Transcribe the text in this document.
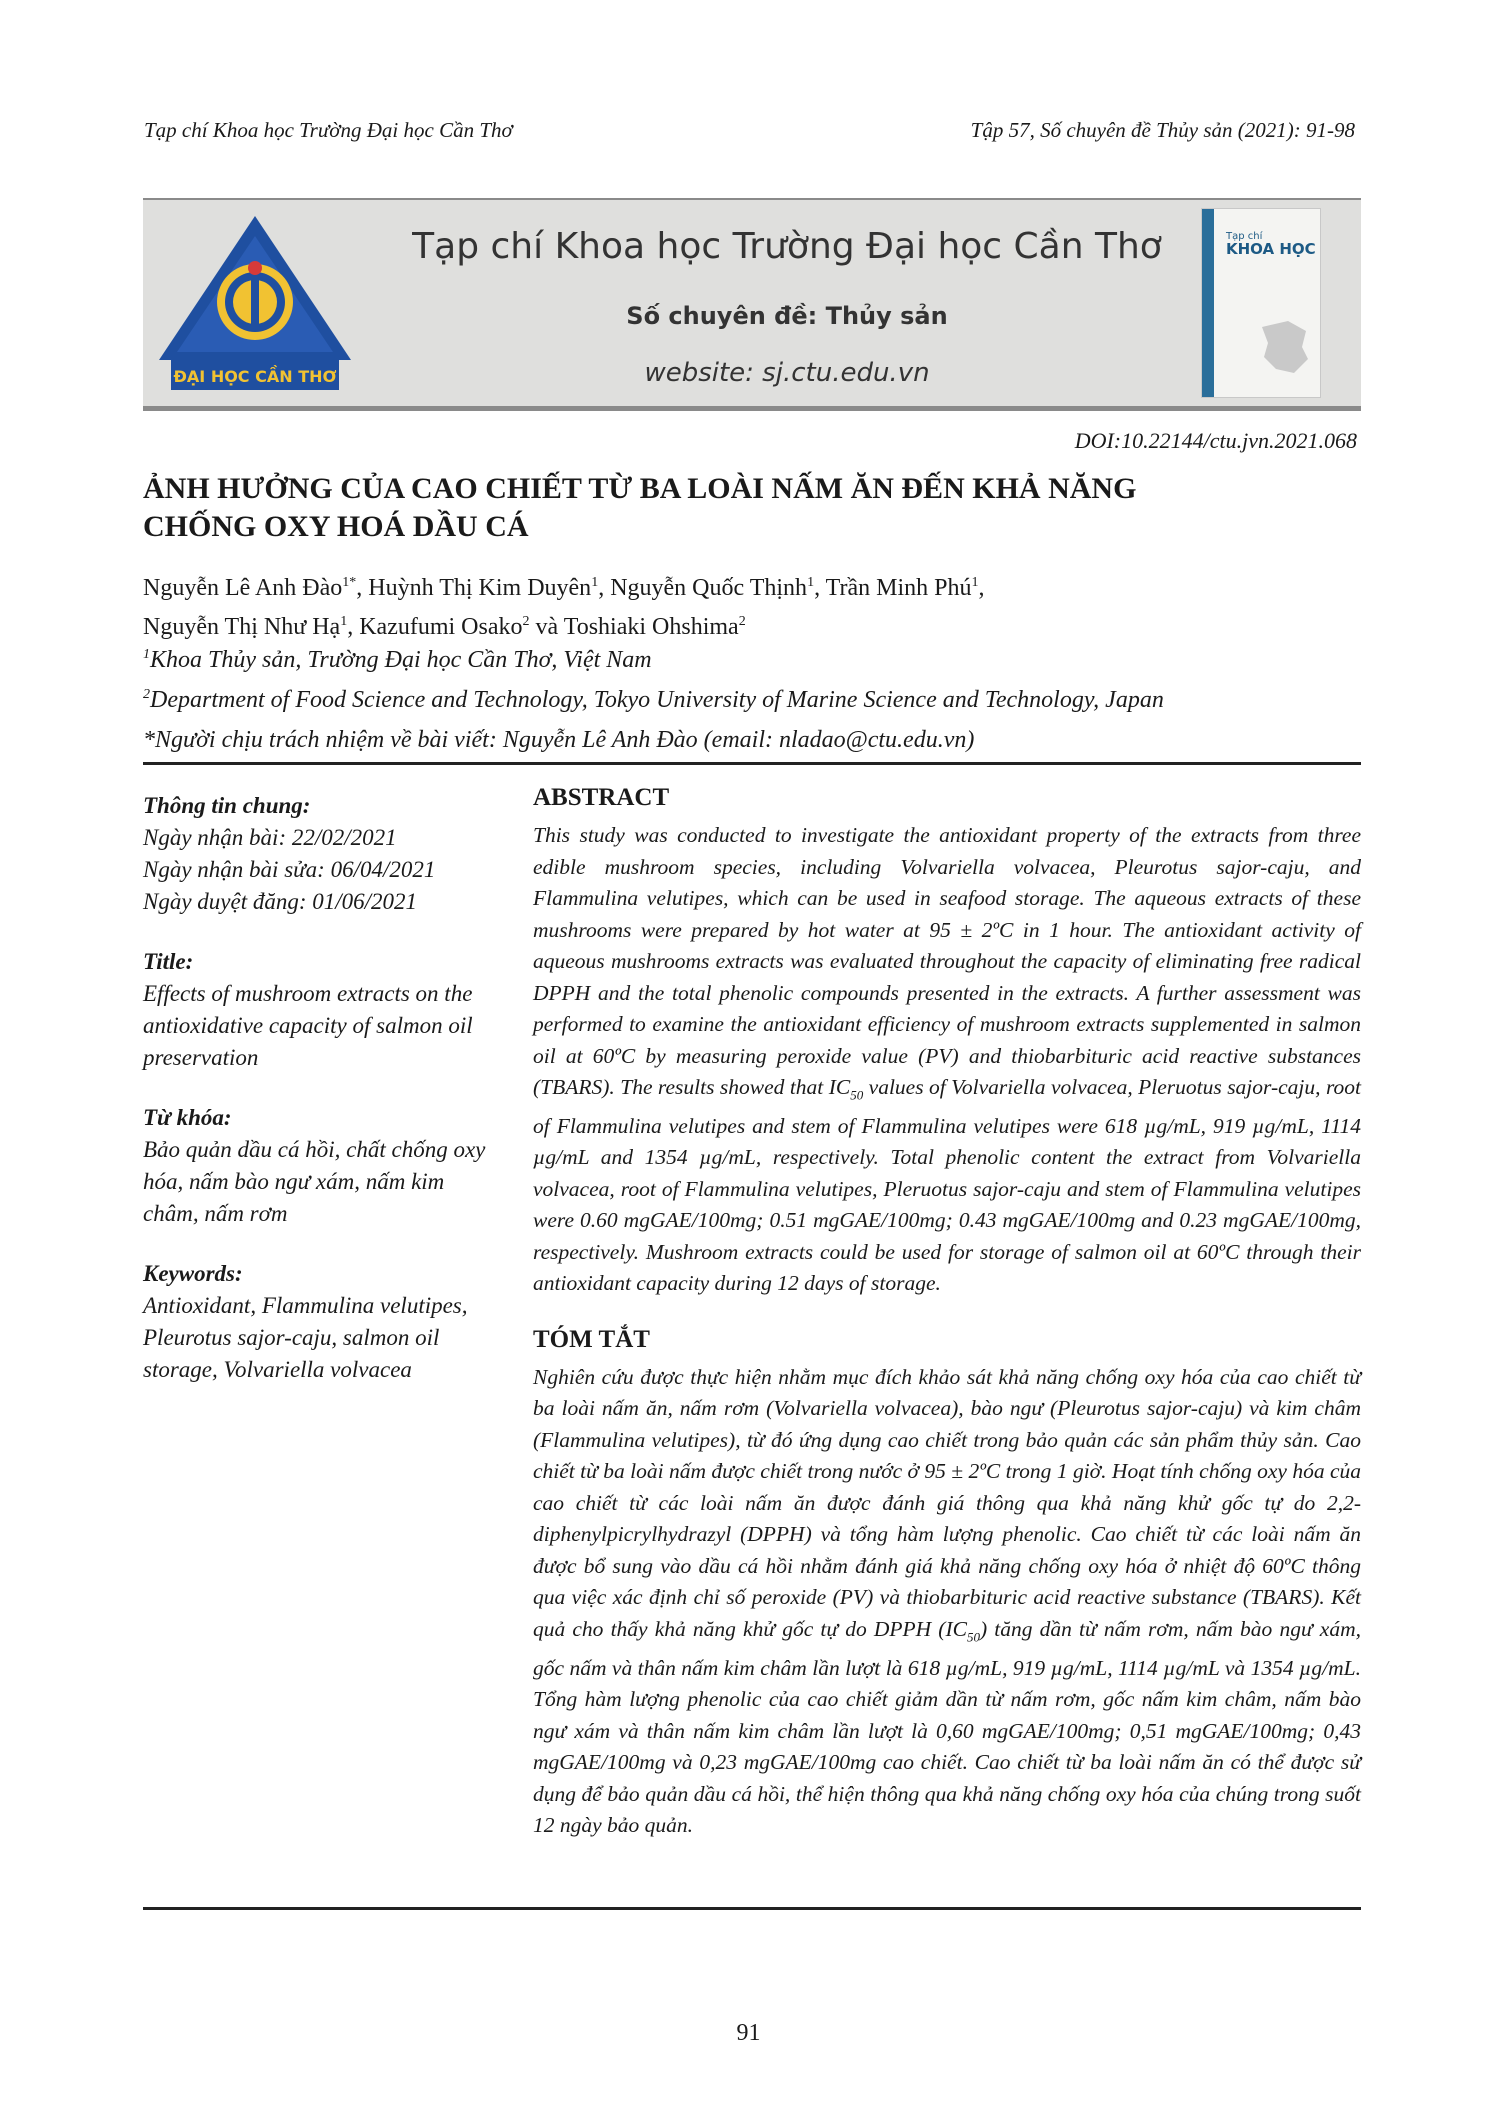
Tạp chí Khoa học Trường Đại học Cần Thơ	Tập 57, Số chuyên đề Thủy sản (2021): 91-98
ĐẠI HỌC CẦN THƠ
Tạp chí Khoa học Trường Đại học Cần Thơ
Số chuyên đề: Thủy sản
website: sj.ctu.edu.vn
Tạp chí
KHOA HỌC
DOI:10.22144/ctu.jvn.2021.068
ẢNH HƯỞNG CỦA CAO CHIẾT TỪ BA LOÀI NẤM ĂN ĐẾN KHẢ NĂNG CHỐNG OXY HOÁ DẦU CÁ
Nguyễn Lê Anh Đào$^{1*}$, Huỳnh Thị Kim Duyên$^1$, Nguyễn Quốc Thịnh$^1$, Trần Minh Phú$^1$,
Nguyễn Thị Như Hạ$^1$, Kazufumi Osako$^2$ và Toshiaki Ohshima$^2$
$^1$Khoa Thủy sản, Trường Đại học Cần Thơ, Việt Nam
$^2$Department of Food Science and Technology, Tokyo University of Marine Science and Technology, Japan
*Người chịu trách nhiệm về bài viết: Nguyễn Lê Anh Đào (email: nladao@ctu.edu.vn)
Thông tin chung:

Ngày nhận bài: 22/02/2021

Ngày nhận bài sửa: 06/04/2021

Ngày duyệt đăng: 01/06/2021

Title:

Effects of mushroom extracts on the antioxidative capacity of salmon oil preservation

Từ khóa:

Bảo quản dầu cá hồi, chất chống oxy hóa, nấm bào ngư xám, nấm kim châm, nấm rơm

Keywords:

Antioxidant, Flammulina velutipes, Pleurotus sajor-caju, salmon oil storage, Volvariella volvacea

ABSTRACT

This study was conducted to investigate the antioxidant property of the extracts from three edible mushroom species, including Volvariella volvacea, Pleurotus sajor-caju, and Flammulina velutipes, which can be used in seafood storage. The aqueous extracts of these mushrooms were prepared by hot water at 95 ± 2ºC in 1 hour. The antioxidant activity of aqueous mushrooms extracts was evaluated throughout the capacity of eliminating free radical DPPH and the total phenolic compounds presented in the extracts. A further assessment was performed to examine the antioxidant efficiency of mushroom extracts supplemented in salmon oil at 60ºC by measuring peroxide value (PV) and thiobarbituric acid reactive substances (TBARS). The results showed that $IC_{50}$ values of Volvariella volvacea, Pleruotus sajor-caju, root of Flammulina velutipes and stem of Flammulina velutipes were 618 µg/mL, 919 µg/mL, 1114 µg/mL and 1354 µg/mL, respectively. Total phenolic content the extract from Volvariella volvacea, root of Flammulina velutipes, Pleruotus sajor-caju and stem of Flammulina velutipes were 0.60 mgGAE/100mg; 0.51 mgGAE/100mg; 0.43 mgGAE/100mg and 0.23 mgGAE/100mg, respectively. Mushroom extracts could be used for storage of salmon oil at 60ºC through their antioxidant capacity during 12 days of storage.

TÓM TẮT

Nghiên cứu được thực hiện nhằm mục đích khảo sát khả năng chống oxy hóa của cao chiết từ ba loài nấm ăn, nấm rơm (Volvariella volvacea), bào ngư (Pleurotus sajor-caju) và kim châm (Flammulina velutipes), từ đó ứng dụng cao chiết trong bảo quản các sản phẩm thủy sản. Cao chiết từ ba loài nấm được chiết trong nước ở 95 ± 2ºC trong 1 giờ. Hoạt tính chống oxy hóa của cao chiết từ các loài nấm ăn được đánh giá thông qua khả năng khử gốc tự do 2,2-diphenylpicrylhydrazyl (DPPH) và tổng hàm lượng phenolic. Cao chiết từ các loài nấm ăn được bổ sung vào dầu cá hồi nhằm đánh giá khả năng chống oxy hóa ở nhiệt độ 60ºC thông qua việc xác định chỉ số peroxide (PV) và thiobarbituric acid reactive substance (TBARS). Kết quả cho thấy khả năng khử gốc tự do DPPH $(IC_{50})$ tăng dần từ nấm rơm, nấm bào ngư xám, gốc nấm và thân nấm kim châm lần lượt là 618 µg/mL, 919 µg/mL, 1114 µg/mL và 1354 µg/mL. Tổng hàm lượng phenolic của cao chiết giảm dần từ nấm rơm, gốc nấm kim châm, nấm bào ngư xám và thân nấm kim châm lần lượt là 0,60 mgGAE/100mg; 0,51 mgGAE/100mg; 0,43 mgGAE/100mg và 0,23 mgGAE/100mg cao chiết. Cao chiết từ ba loài nấm ăn có thể được sử dụng để bảo quản dầu cá hồi, thể hiện thông qua khả năng chống oxy hóa của chúng trong suốt 12 ngày bảo quản.

91
